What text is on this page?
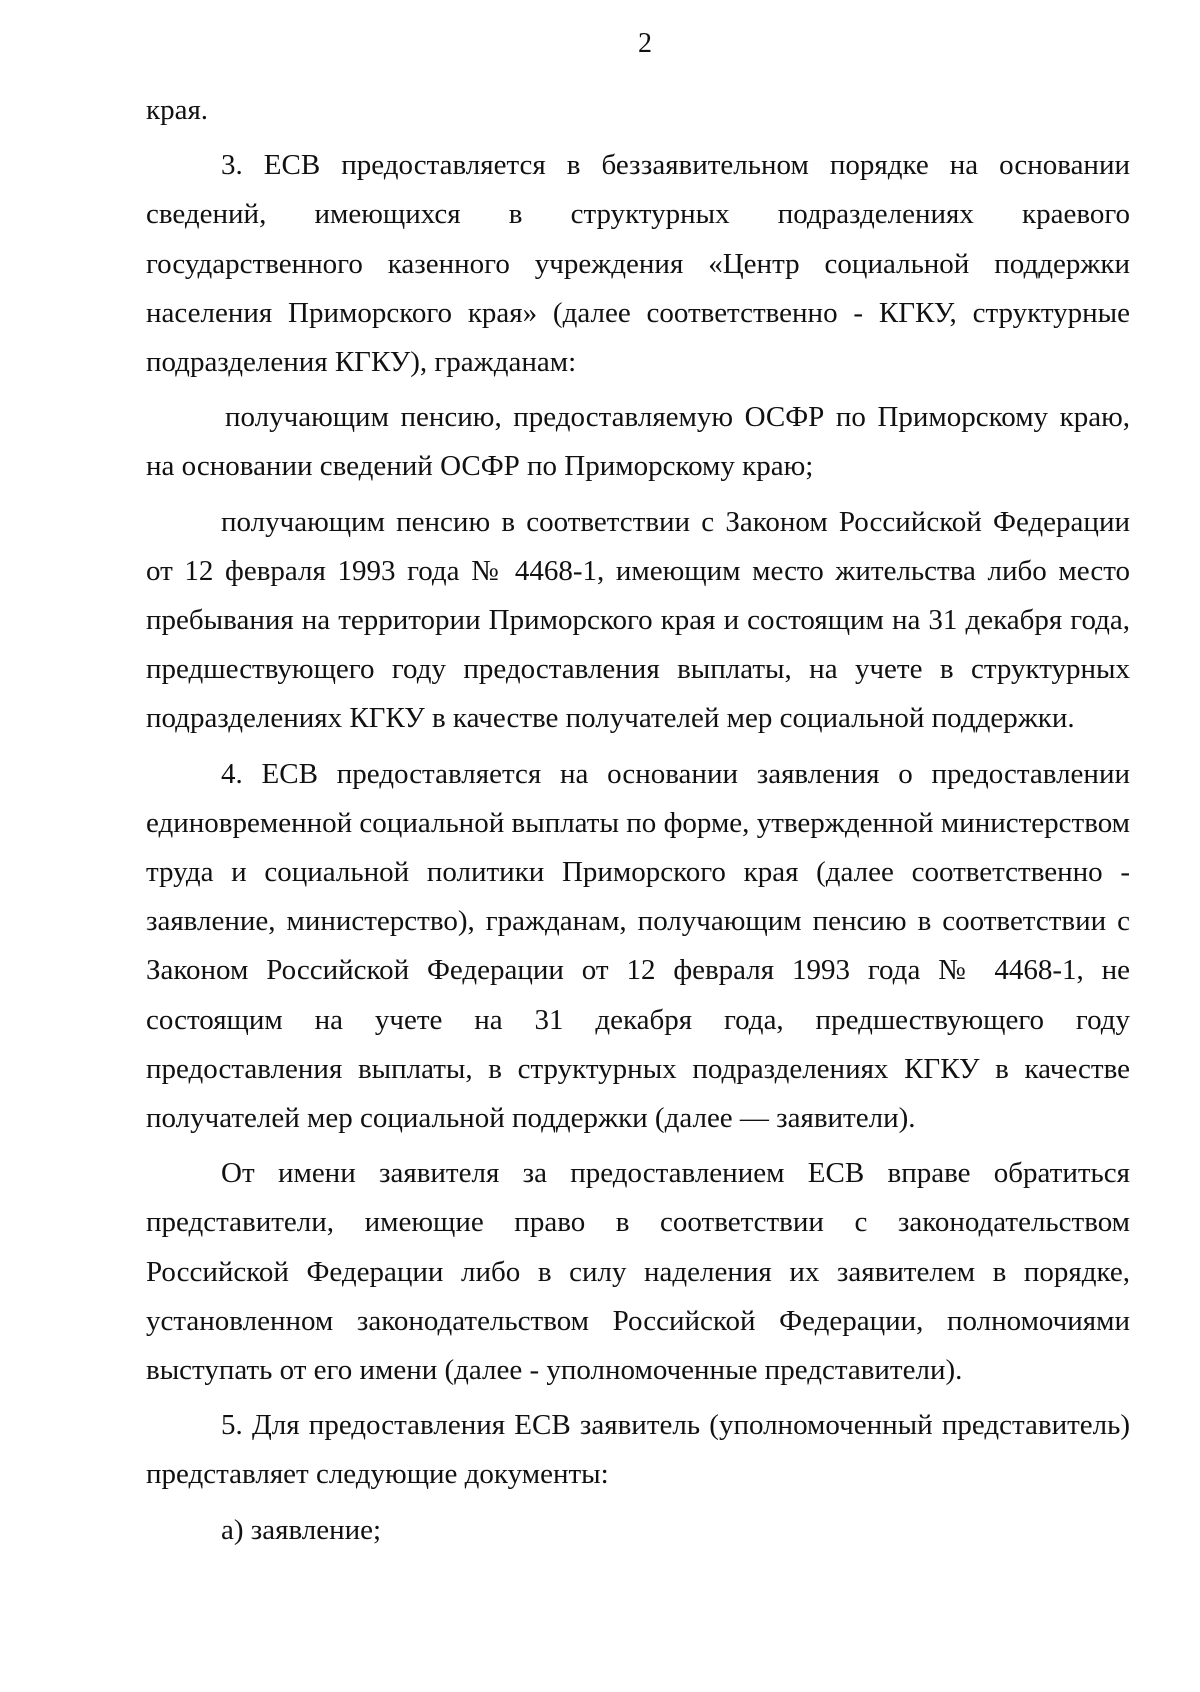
2

края.

3. ЕСВ предоставляется в беззаявительном порядке на основании сведений, имеющихся в структурных подразделениях краевого государственного казенного учреждения «Центр социальной поддержки населения Приморского края» (далее соответственно - КГКУ, структурные подразделения КГКУ), гражданам:

получающим пенсию, предоставляемую ОСФР по Приморскому краю, на основании сведений ОСФР по Приморскому краю;

получающим пенсию в соответствии с Законом Российской Федерации от 12 февраля 1993 года № 4468-1, имеющим место жительства либо место пребывания на территории Приморского края и состоящим на 31 декабря года, предшествующего году предоставления выплаты, на учете в структурных подразделениях КГКУ в качестве получателей мер социальной поддержки.

4. ЕСВ предоставляется на основании заявления о предоставлении единовременной социальной выплаты по форме, утвержденной министерством труда и социальной политики Приморского края (далее соответственно - заявление, министерство), гражданам, получающим пенсию в соответствии с Законом Российской Федерации от 12 февраля 1993 года № 4468-1, не состоящим на учете на 31 декабря года, предшествующего году предоставления выплаты, в структурных подразделениях КГКУ в качестве получателей мер социальной поддержки (далее — заявители).

От имени заявителя за предоставлением ЕСВ вправе обратиться представители, имеющие право в соответствии с законодательством Российской Федерации либо в силу наделения их заявителем в порядке, установленном законодательством Российской Федерации, полномочиями выступать от его имени (далее - уполномоченные представители).

5. Для предоставления ЕСВ заявитель (уполномоченный представитель) представляет следующие документы:

а) заявление;
